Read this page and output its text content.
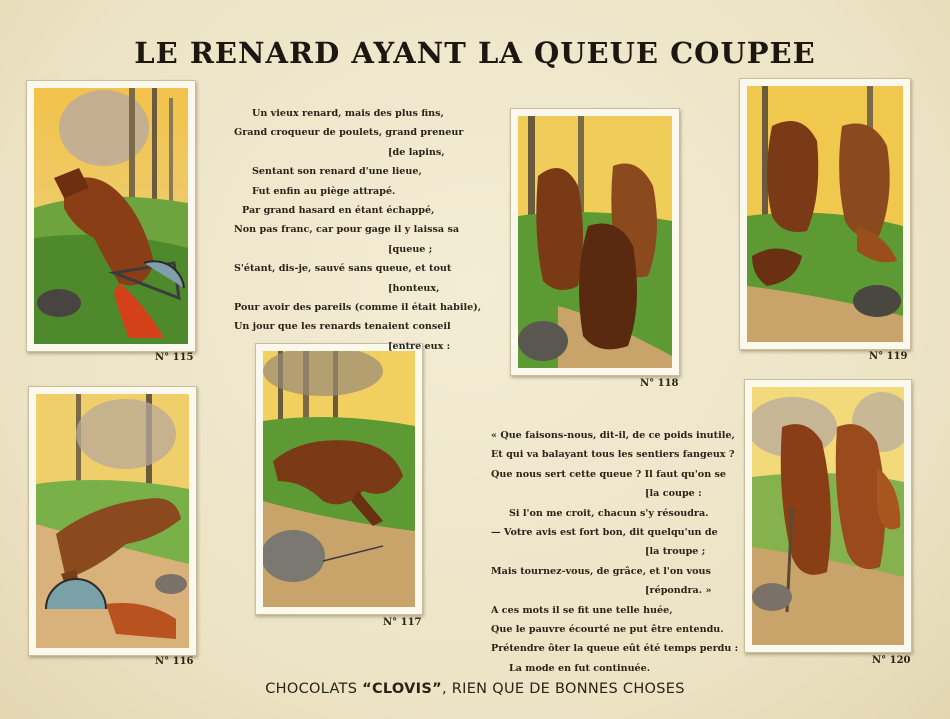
LE RENARD AYANT LA QUEUE COUPEE
N° 115
N° 116
N° 117
N° 118
N° 119
N° 120
Un vieux renard, mais des plus fins,
Grand croqueur de poulets, grand preneur
[de lapins,
Sentant son renard d'une lieue,
Fut enfin au piège attrapé.
Par grand hasard en étant échappé,
Non pas franc, car pour gage il y laissa sa
[queue ;
S'étant, dis-je, sauvé sans queue, et tout
[honteux,
Pour avoir des pareils (comme il était habile),
Un jour que les renards tenaient conseil
[entre eux :
« Que faisons-nous, dit-il, de ce poids inutile,
Et qui va balayant tous les sentiers fangeux ?
Que nous sert cette queue ? Il faut qu'on se
[la coupe :
Si l'on me croit, chacun s'y résoudra.
— Votre avis est fort bon, dit quelqu'un de
[la troupe ;
Mais tournez-vous, de grâce, et l'on vous
[répondra. »
A ces mots il se fit une telle huée,
Que le pauvre écourté ne put être entendu.
Prétendre ôter la queue eût été temps perdu :
La mode en fut continuée.
CHOCOLATS “CLOVIS”, RIEN QUE DE BONNES CHOSES
